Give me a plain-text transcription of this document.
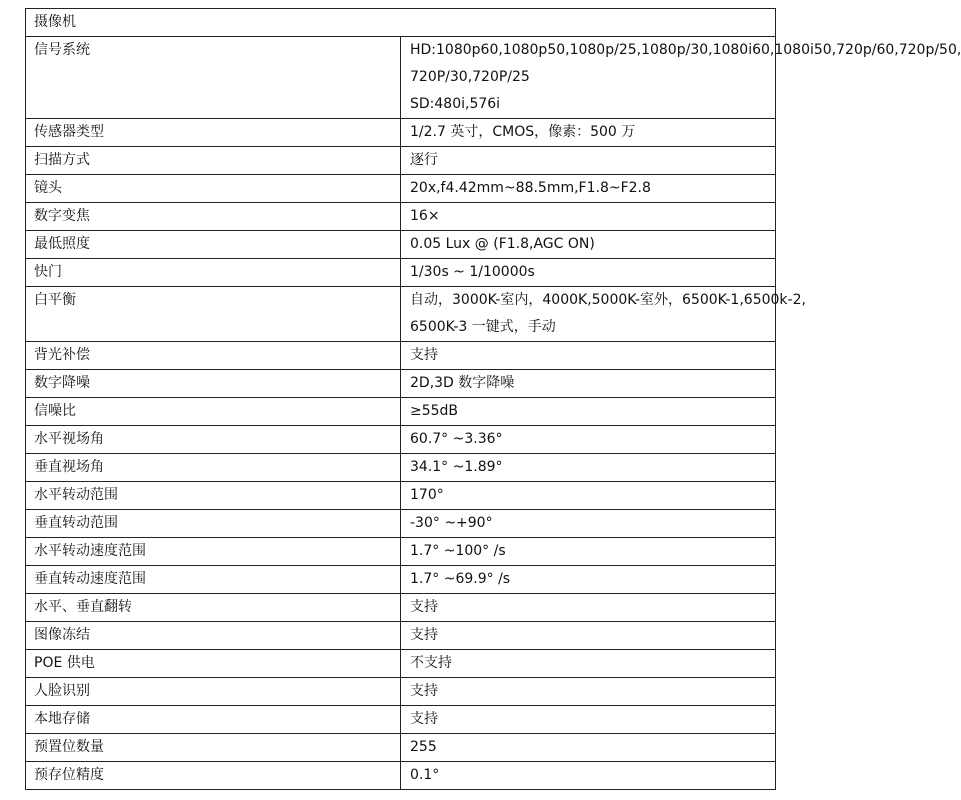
摄像机	
信号系统	HD:1080p60,1080p50,1080p/25,1080p/30,1080i60,1080i50,720p/60,720p/50,
720P/30,720P/25
SD:480i,576i

传感器类型	1/2.7 英寸，CMOS，像素：500 万

扫描方式	逐行

镜头	20x,f4.42mm~88.5mm,F1.8~F2.8

数字变焦	16×

最低照度	0.05 Lux @ (F1.8,AGC ON)

快门	1/30s ~ 1/10000s

白平衡	自动，3000K-室内，4000K,5000K-室外，6500K-1,6500k-2,
6500K-3 一键式，手动

背光补偿	支持

数字降噪	2D,3D 数字降噪

信噪比	≥55dB

水平视场角	60.7° ~3.36°

垂直视场角	34.1° ~1.89°

水平转动范围	170°

垂直转动范围	-30° ~+90°

水平转动速度范围	1.7° ~100° /s

垂直转动速度范围	1.7° ~69.9° /s

水平、垂直翻转	支持

图像冻结	支持

POE 供电	不支持

人脸识别	支持

本地存储	支持

预置位数量	255

预存位精度	0.1°
